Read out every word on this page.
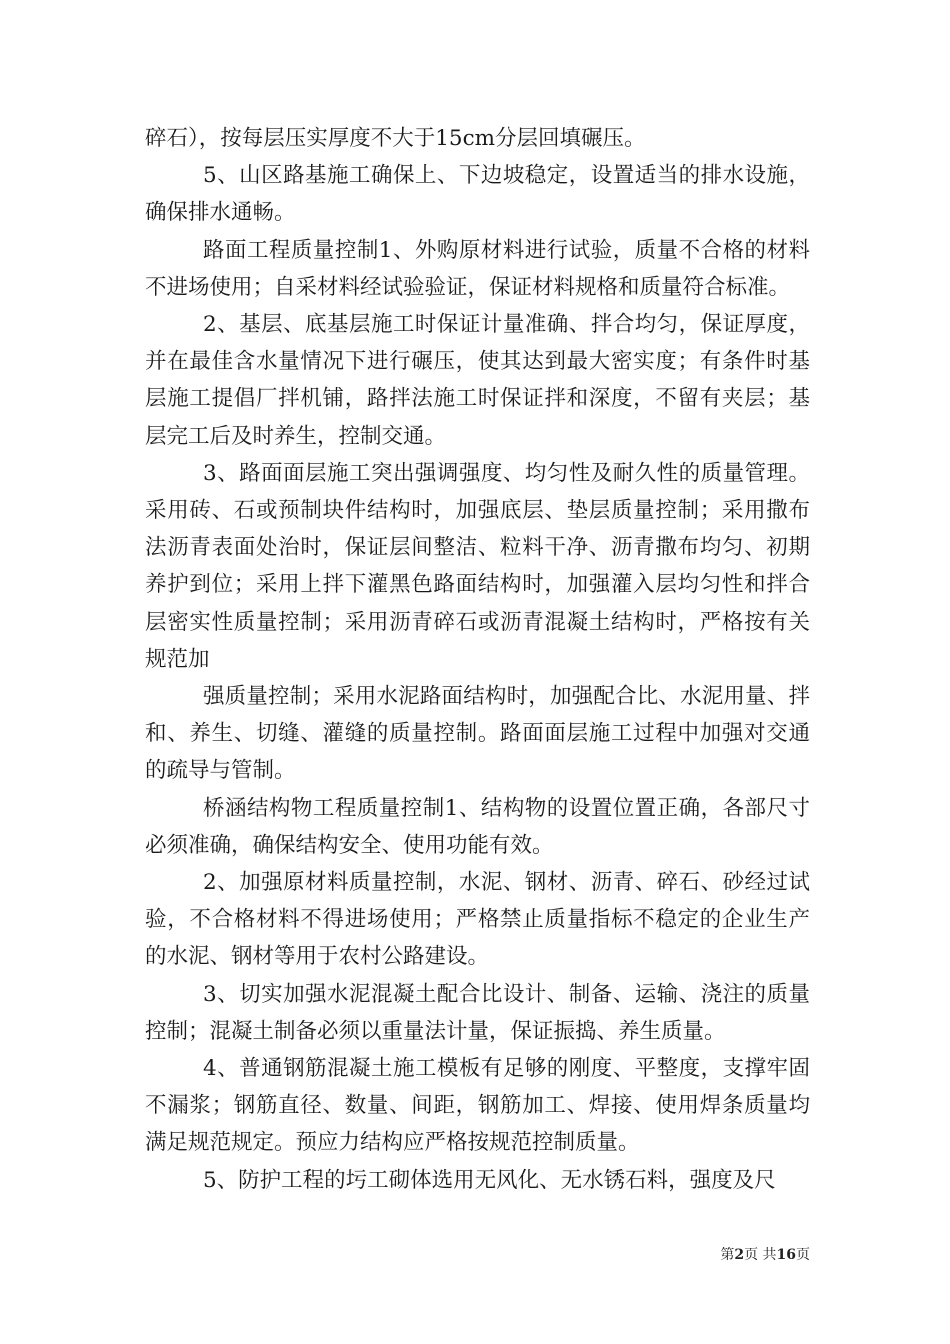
碎石），按每层压实厚度不大于15cm分层回填碾压。

5、山区路基施工确保上、下边坡稳定，设置适当的排水设施，确保排水通畅。

路面工程质量控制1、外购原材料进行试验，质量不合格的材料不进场使用；自采材料经试验验证，保证材料规格和质量符合标准。

2、基层、底基层施工时保证计量准确、拌合均匀，保证厚度，并在最佳含水量情况下进行碾压，使其达到最大密实度；有条件时基层施工提倡厂拌机铺，路拌法施工时保证拌和深度，不留有夹层；基层完工后及时养生，控制交通。

3、路面面层施工突出强调强度、均匀性及耐久性的质量管理。采用砖、石或预制块件结构时，加强底层、垫层质量控制；采用撒布法沥青表面处治时，保证层间整洁、粒料干净、沥青撒布均匀、初期养护到位；采用上拌下灌黑色路面结构时，加强灌入层均匀性和拌合层密实性质量控制；采用沥青碎石或沥青混凝土结构时，严格按有关规范加

强质量控制；采用水泥路面结构时，加强配合比、水泥用量、拌和、养生、切缝、灌缝的质量控制。路面面层施工过程中加强对交通的疏导与管制。

桥涵结构物工程质量控制1、结构物的设置位置正确，各部尺寸必须准确，确保结构安全、使用功能有效。

2、加强原材料质量控制，水泥、钢材、沥青、碎石、砂经过试验，不合格材料不得进场使用；严格禁止质量指标不稳定的企业生产的水泥、钢材等用于农村公路建设。

3、切实加强水泥混凝土配合比设计、制备、运输、浇注的质量控制；混凝土制备必须以重量法计量，保证振捣、养生质量。

4、普通钢筋混凝土施工模板有足够的刚度、平整度，支撑牢固不漏浆；钢筋直径、数量、间距，钢筋加工、焊接、使用焊条质量均满足规范规定。预应力结构应严格按规范控制质量。

5、防护工程的圬工砌体选用无风化、无水锈石料，强度及尺

第2页 共16页
